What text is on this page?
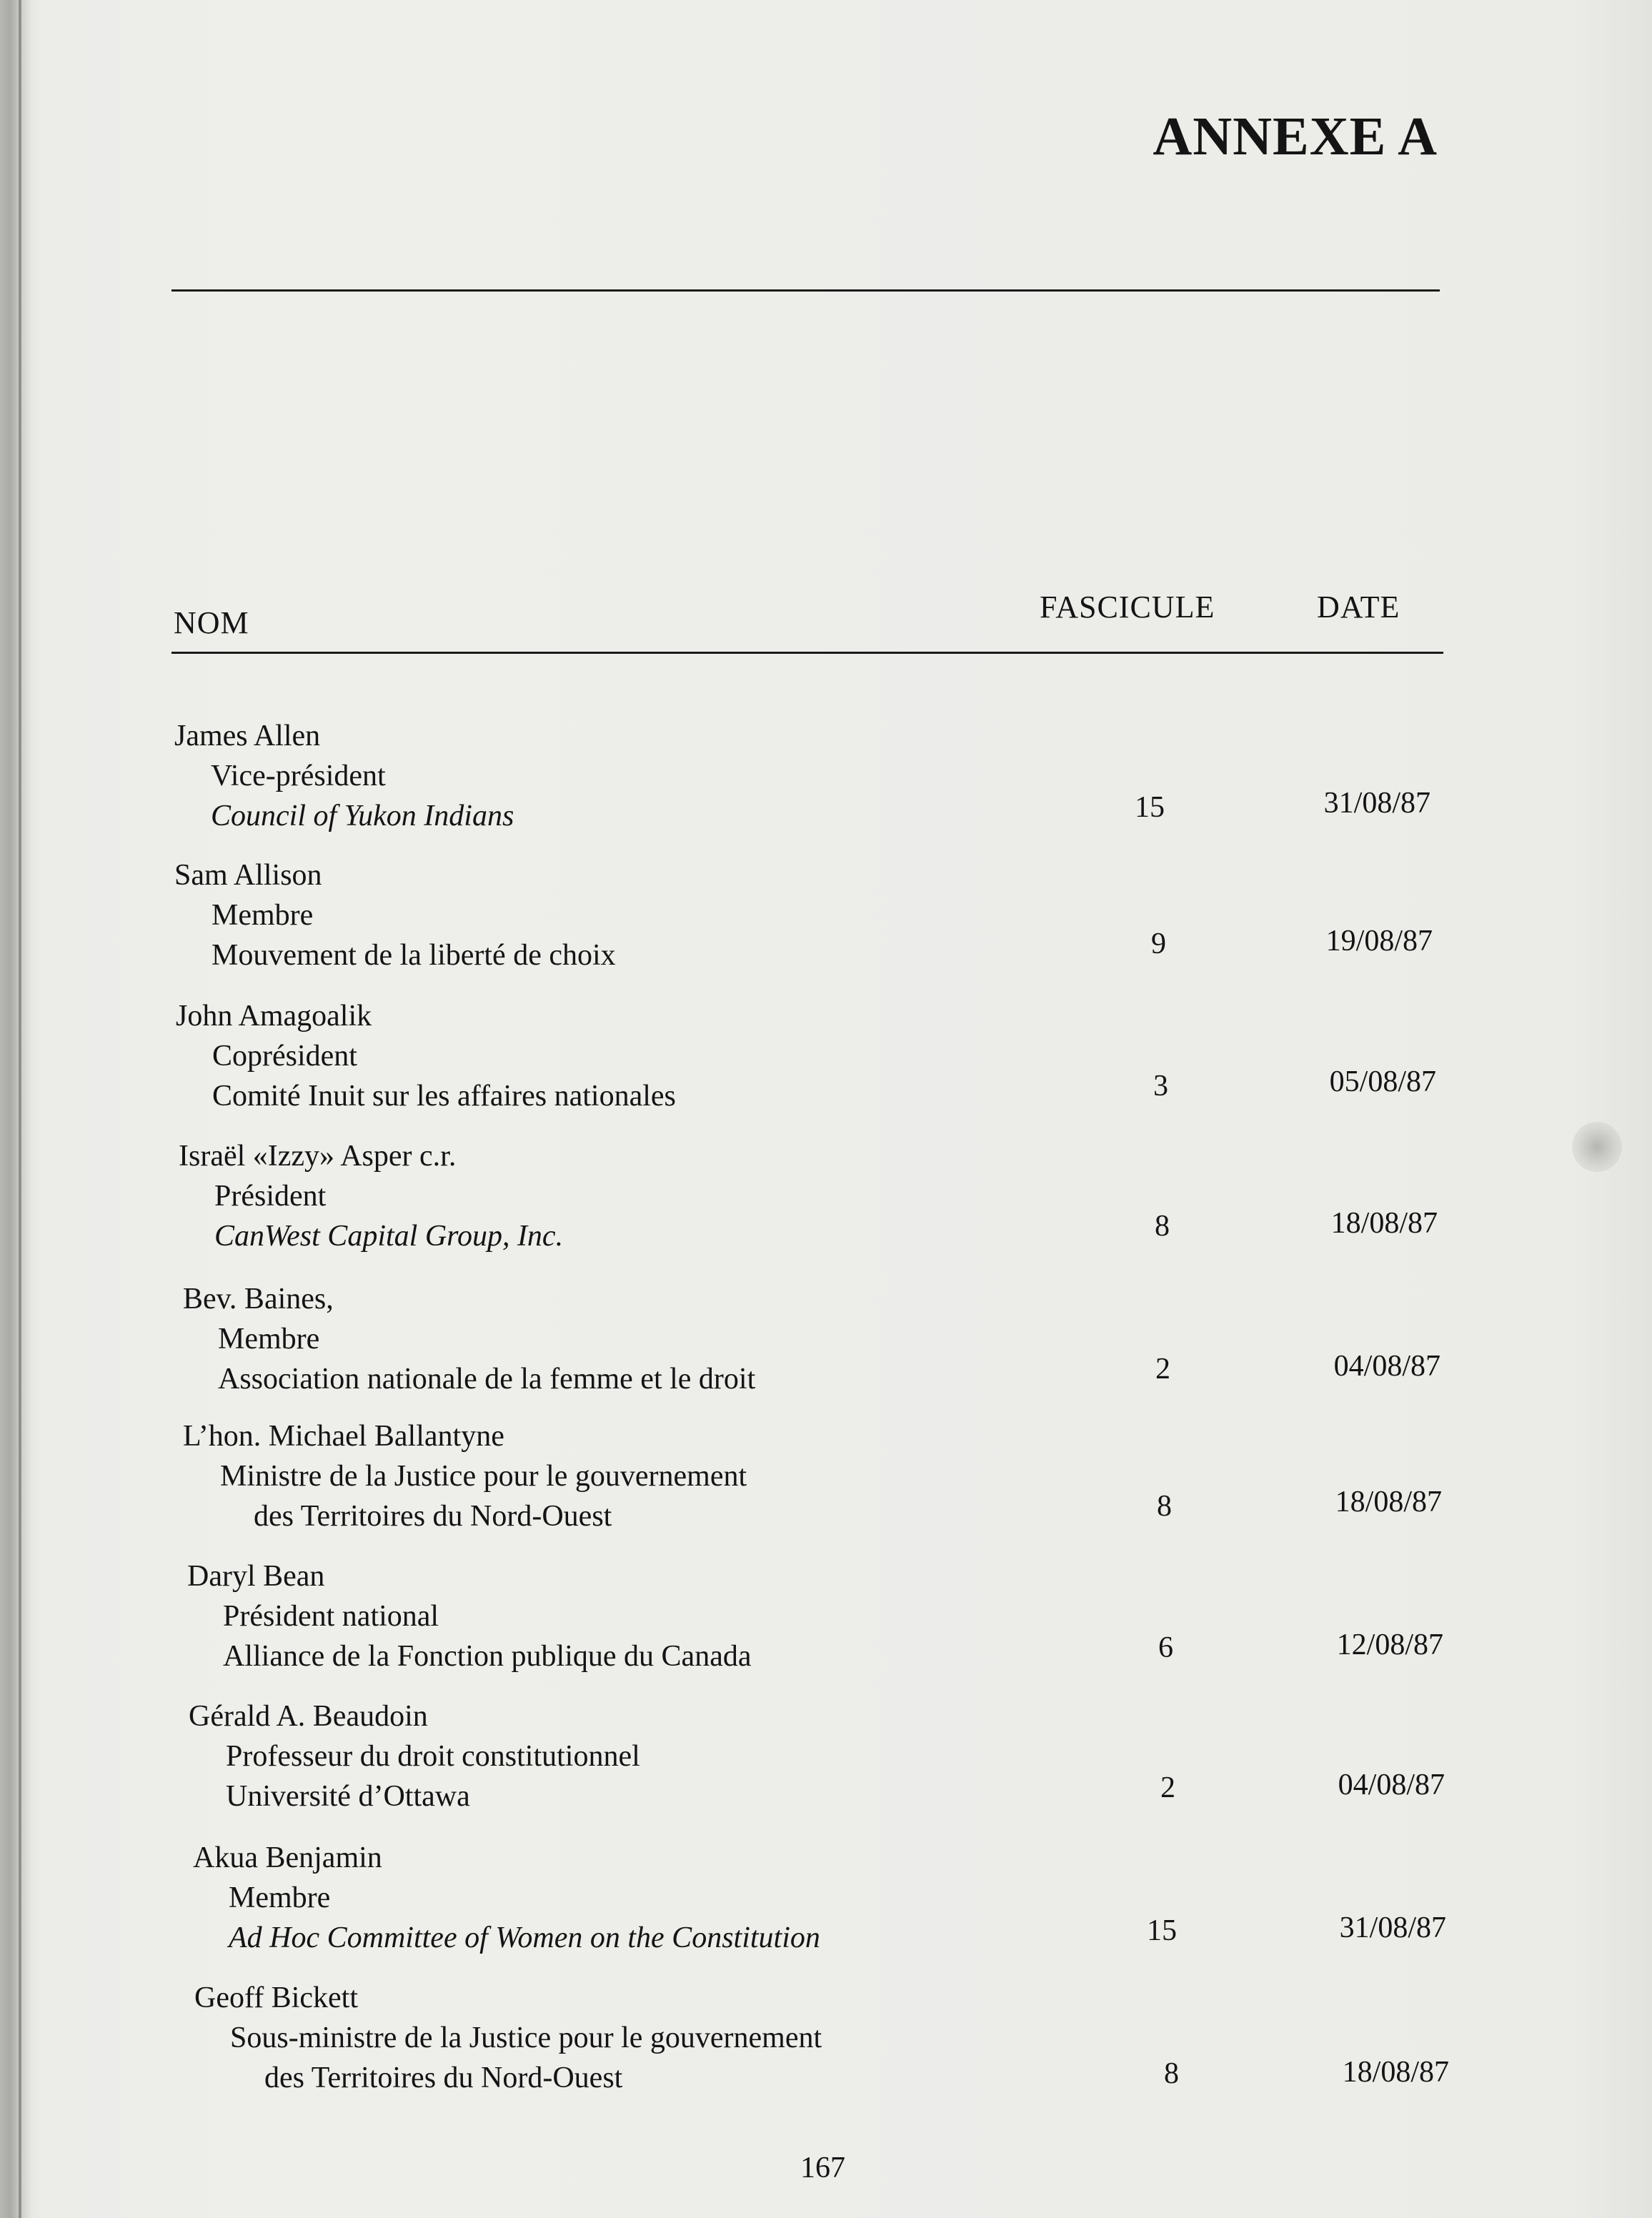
ANNEXE A
NOM	FASCICULE	DATE
James Allen
Vice-président
Council of Yukon Indians	15	31/08/87
Sam Allison
Membre
Mouvement de la liberté de choix	9	19/08/87
John Amagoalik
Coprésident
Comité Inuit sur les affaires nationales	3	05/08/87
Israël «Izzy» Asper c.r.
Président
CanWest Capital Group, Inc.	8	18/08/87
Bev. Baines,
Membre
Association nationale de la femme et le droit	2	04/08/87
L’hon. Michael Ballantyne
Ministre de la Justice pour le gouvernement
des Territoires du Nord-Ouest	8	18/08/87
Daryl Bean
Président national
Alliance de la Fonction publique du Canada	6	12/08/87
Gérald A. Beaudoin
Professeur du droit constitutionnel
Université d’Ottawa	2	04/08/87
Akua Benjamin
Membre
Ad Hoc Committee of Women on the Constitution	15	31/08/87
Geoff Bickett
Sous-ministre de la Justice pour le gouvernement
des Territoires du Nord-Ouest	8	18/08/87
167
